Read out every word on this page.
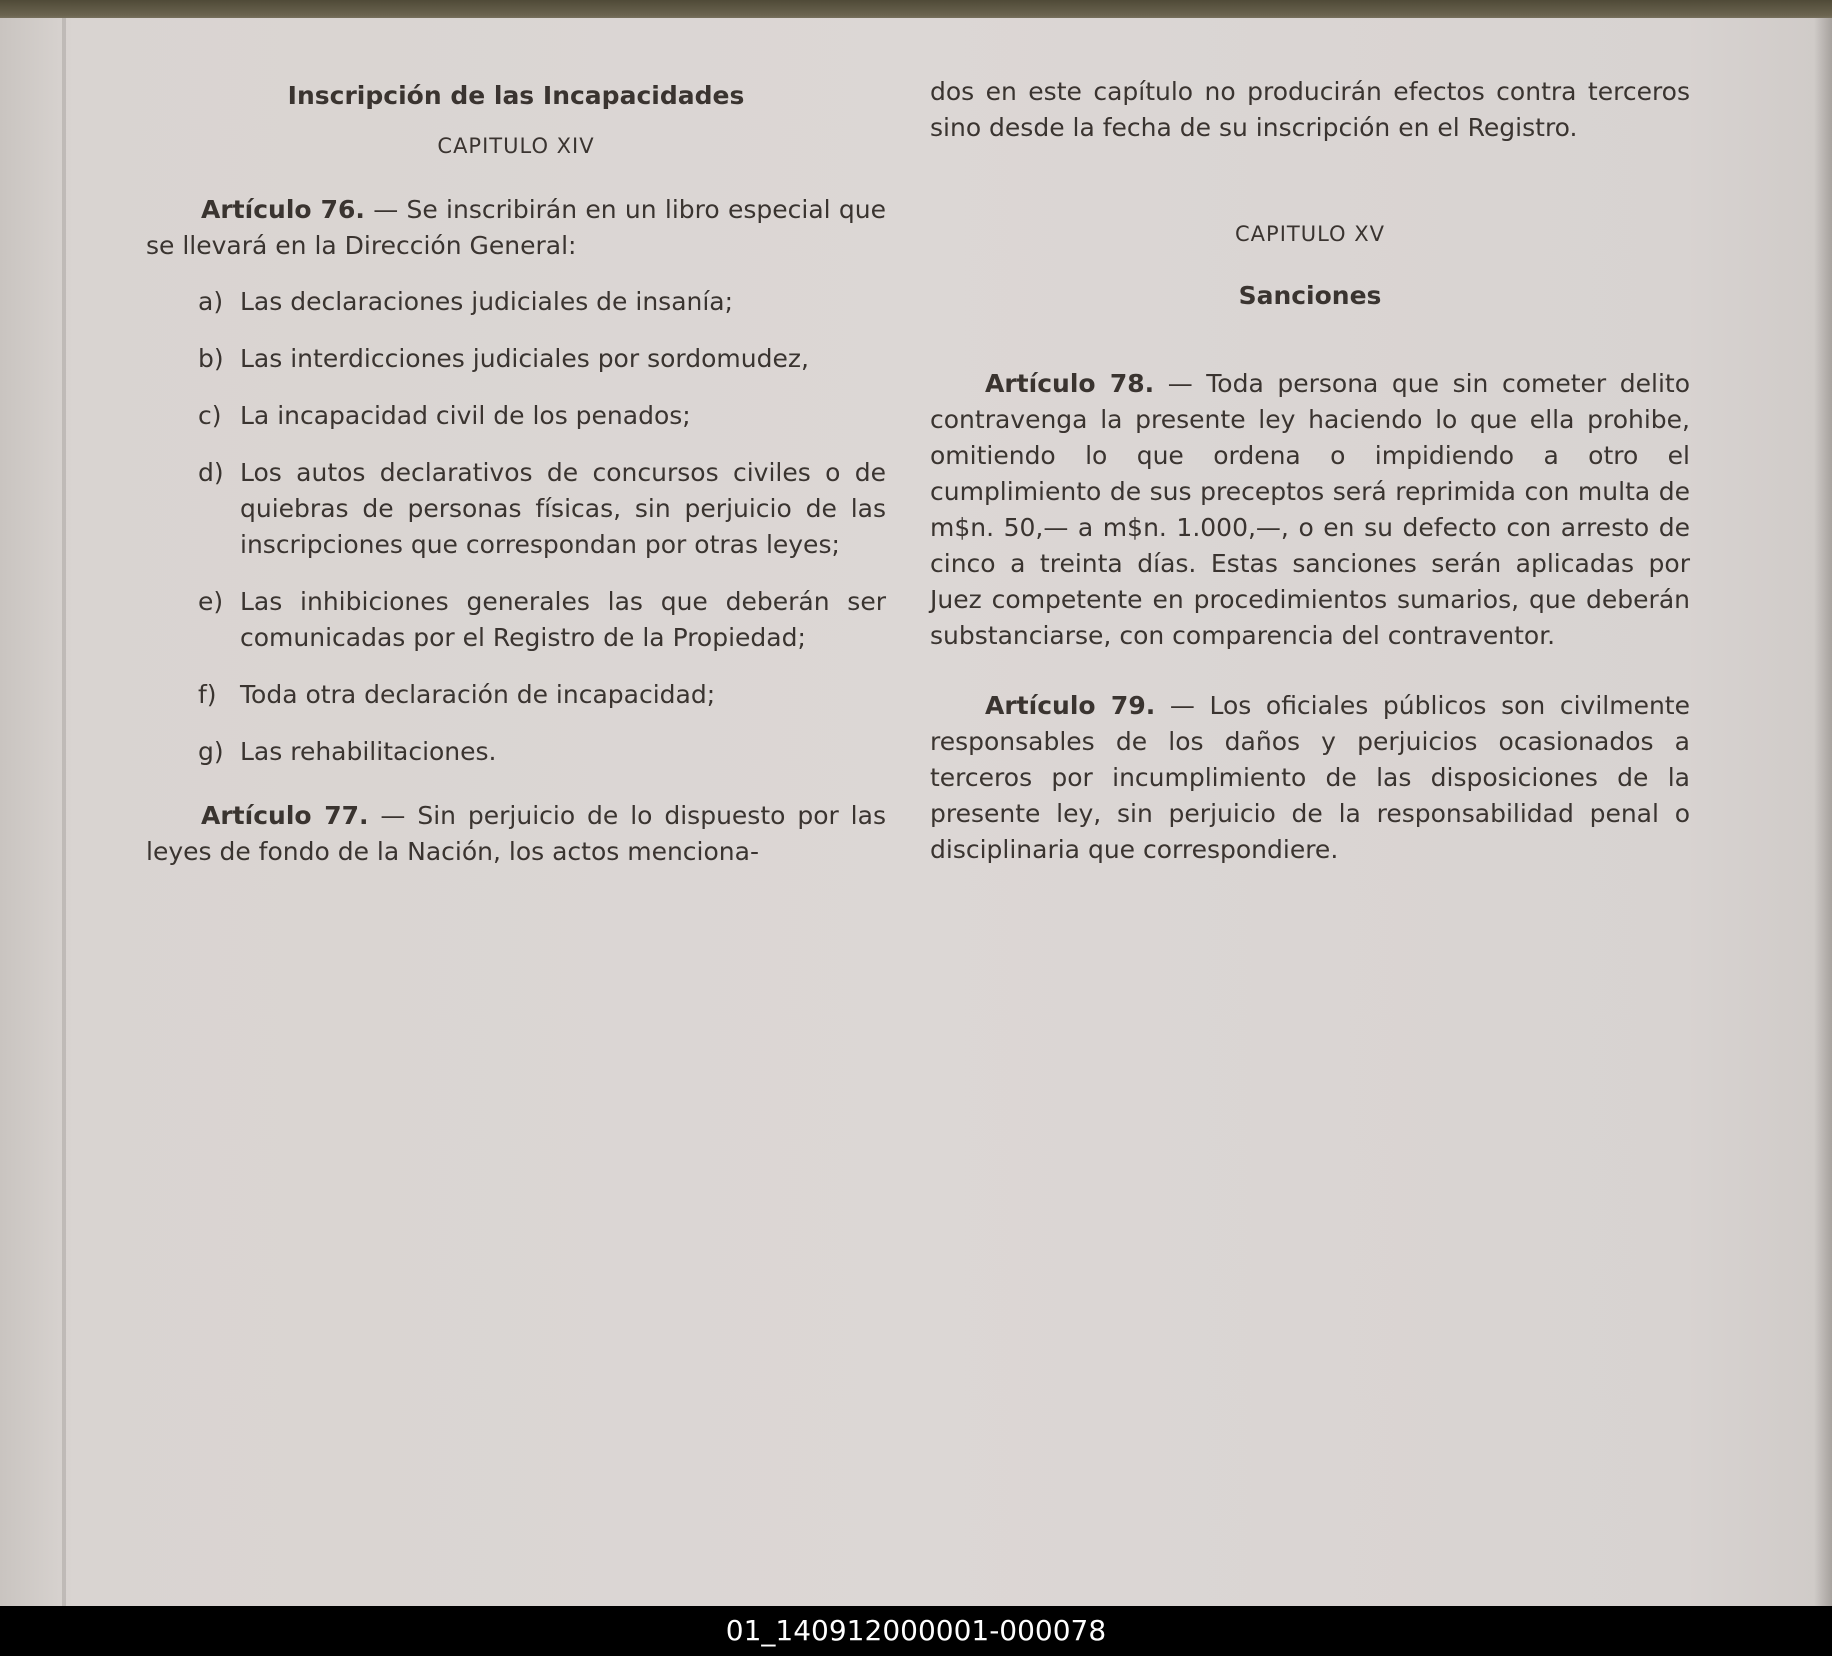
Inscripción de las Incapacidades
CAPITULO XIV

Artículo 76. — Se inscribirán en un libro especial que se llevará en la Dirección General:

a) Las declaraciones judiciales de insanía;
b) Las interdicciones judiciales por sordomudez,
c) La incapacidad civil de los penados;
d) Los autos declarativos de concursos civiles o de quiebras de personas físicas, sin perjuicio de las inscripciones que correspondan por otras leyes;
e) Las inhibiciones generales las que deberán ser comunicadas por el Registro de la Propiedad;
f) Toda otra declaración de incapacidad;
g) Las rehabilitaciones.

Artículo 77. — Sin perjuicio de lo dispuesto por las leyes de fondo de la Nación, los actos menciona-

dos en este capítulo no producirán efectos contra terceros sino desde la fecha de su inscripción en el Registro.

CAPITULO XV
Sanciones

Artículo 78. — Toda persona que sin cometer delito contravenga la presente ley haciendo lo que ella prohibe, omitiendo lo que ordena o impidiendo a otro el cumplimiento de sus preceptos será reprimida con multa de m$n. 50,— a m$n. 1.000,—, o en su defecto con arresto de cinco a treinta días. Estas sanciones serán aplicadas por Juez competente en procedimientos sumarios, que deberán substanciarse, con comparencia del contraventor.

Artículo 79. — Los oficiales públicos son civilmente responsables de los daños y perjuicios ocasionados a terceros por incumplimiento de las disposiciones de la presente ley, sin perjuicio de la responsabilidad penal o disciplinaria que correspondiere.

01_140912000001-000078
